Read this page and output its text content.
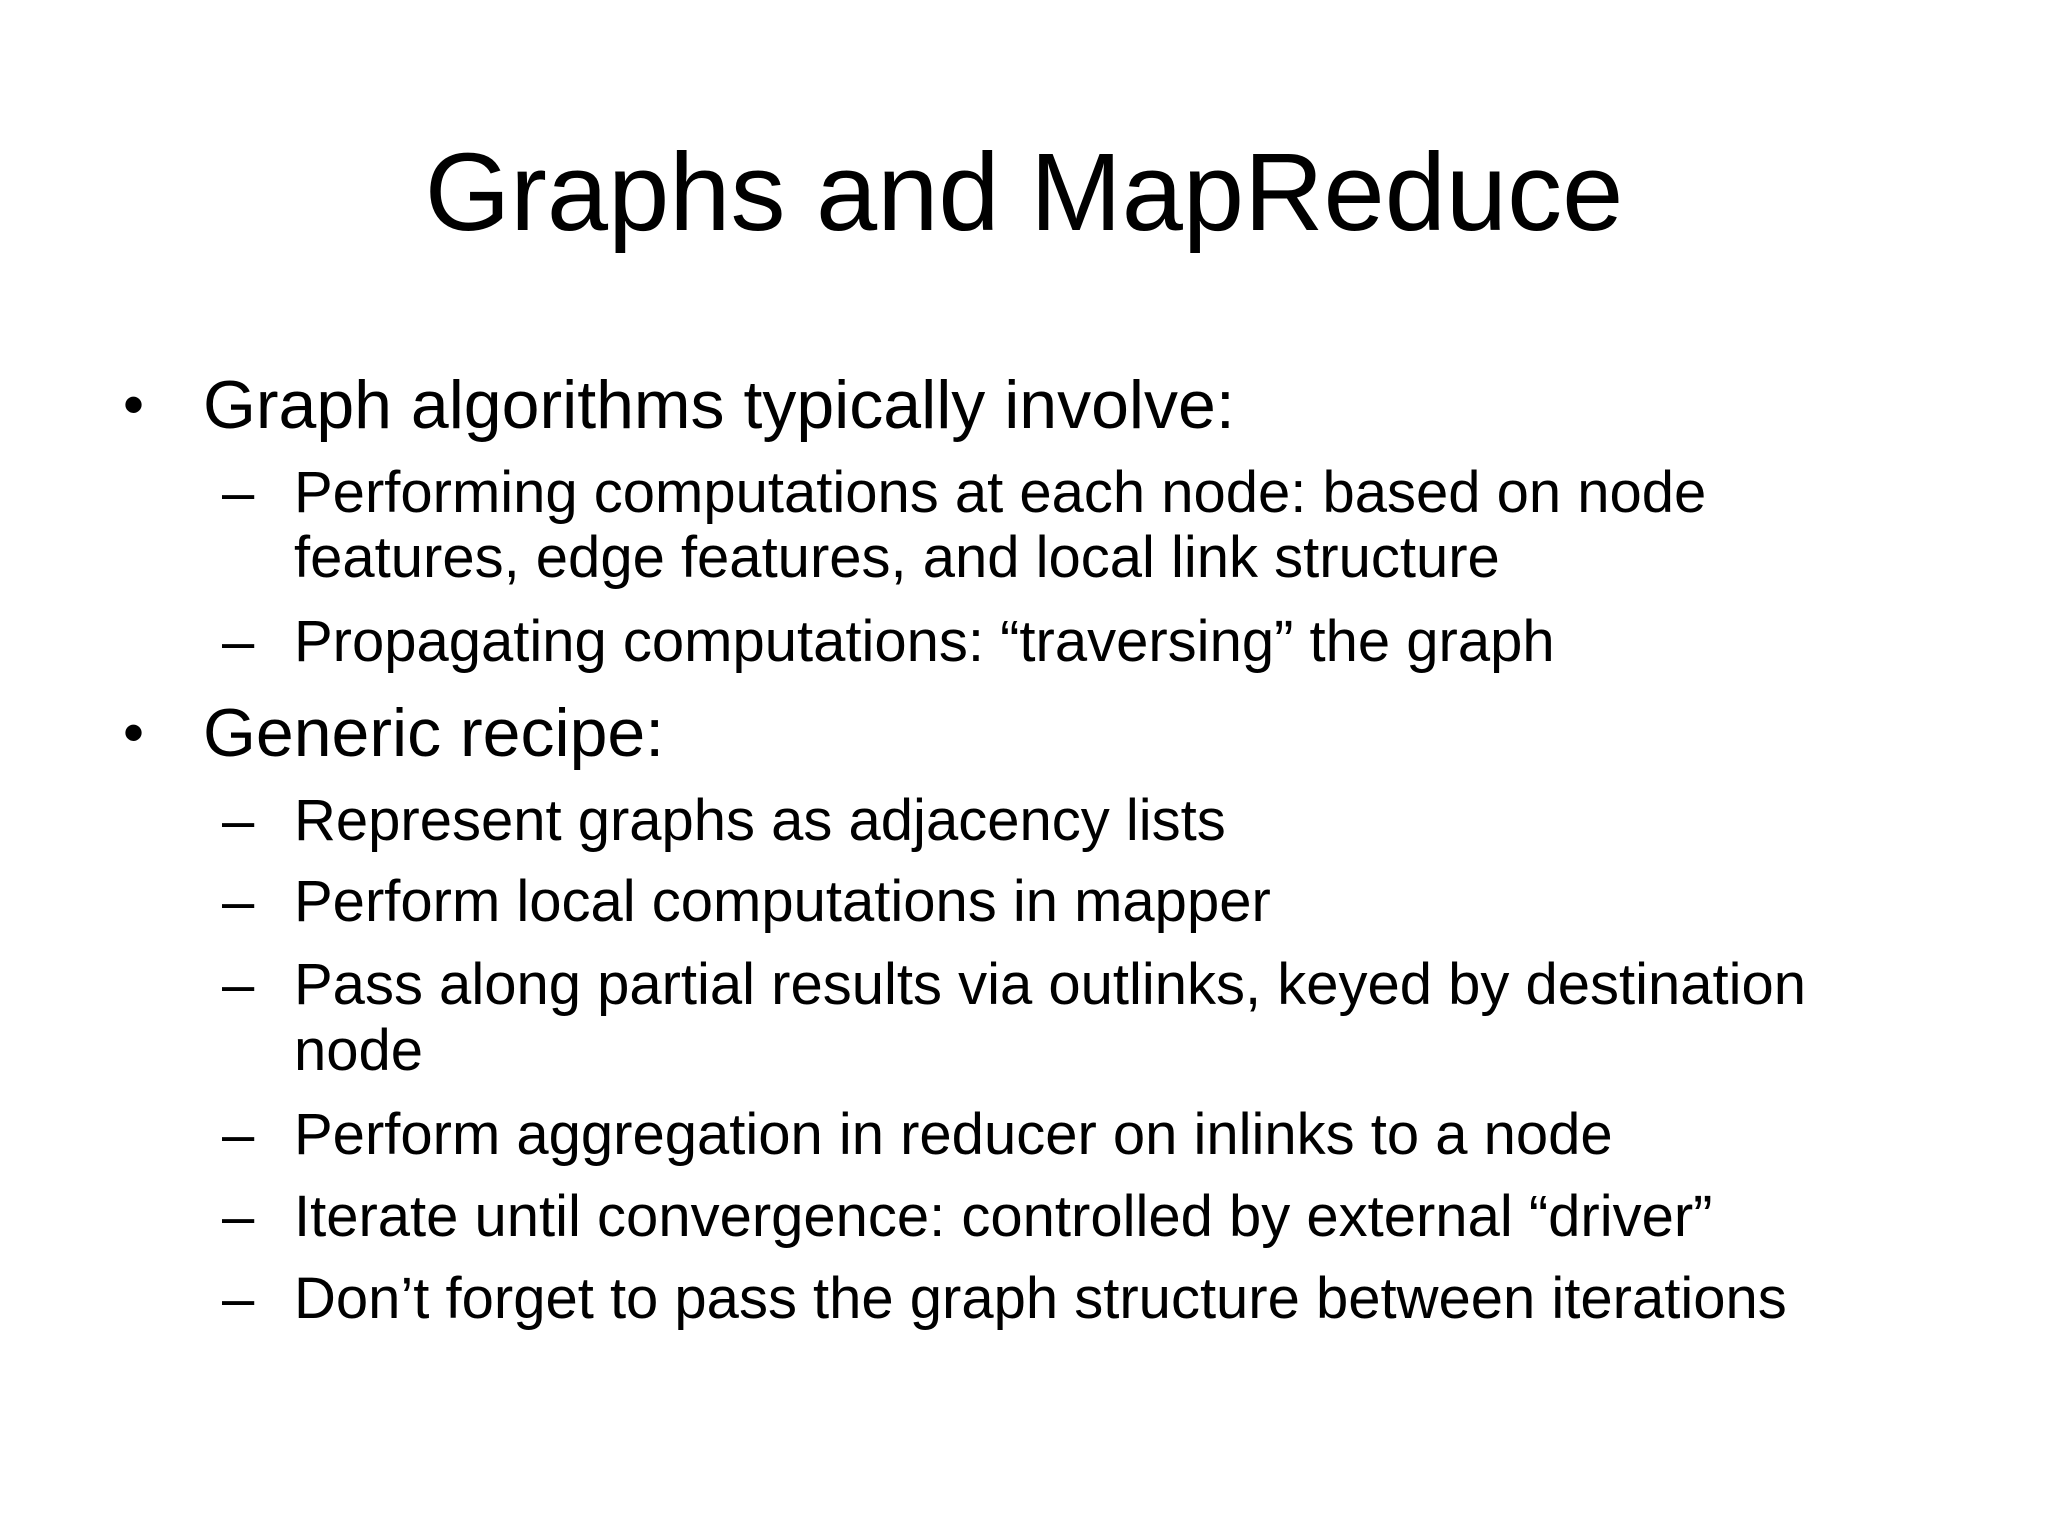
Graphs and MapReduce
• Graph algorithms typically involve:
– Performing computations at each node: based on node
features, edge features, and local link structure
– Propagating computations: “traversing” the graph
• Generic recipe:
– Represent graphs as adjacency lists
– Perform local computations in mapper
– Pass along partial results via outlinks, keyed by destination
node
– Perform aggregation in reducer on inlinks to a node
– Iterate until convergence: controlled by external “driver”
– Don’t forget to pass the graph structure between iterations
